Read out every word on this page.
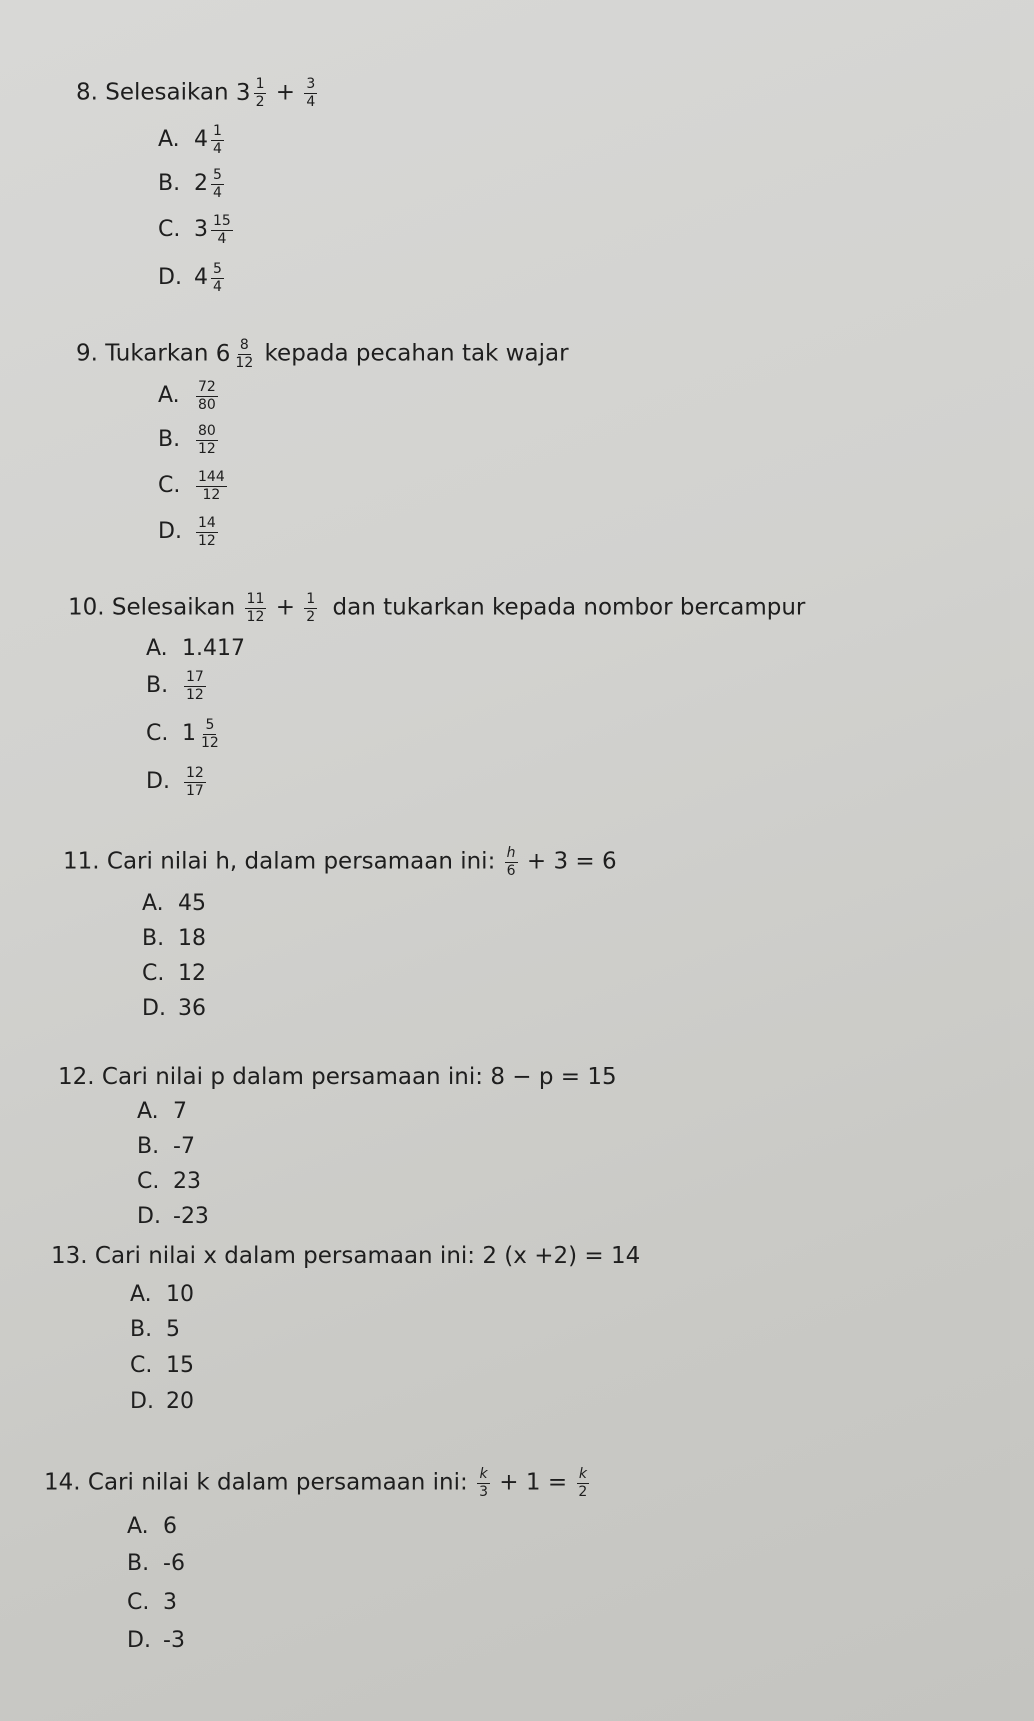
8. Selesaikan $3 \frac{1}{2} + \frac{3}{4}$
A. $4 \frac{1}{4}$
B. $2 \frac{5}{4}$
C. $3 \frac{15}{4}$
D. $4 \frac{5}{4}$
9. Tukarkan $6 \frac{8}{12}$ kepada pecahan tak wajar
A. $\frac{72}{80}$
B. $\frac{80}{12}$
C. $\frac{144}{12}$
D. $\frac{14}{12}$
10. Selesaikan $\frac{11}{12} + \frac{1}{2}$ dan tukarkan kepada nombor bercampur
A. 1.417
B. $\frac{17}{12}$
C. $1 \frac{5}{12}$
D. $\frac{12}{17}$
11. Cari nilai h, dalam persamaan ini: $\frac{h}{6} + 3 = 6$
A. 45
B. 18
C. 12
D. 36
12. Cari nilai p dalam persamaan ini: 8 − p = 15
A. 7
B. -7
C. 23
D. -23
13. Cari nilai x dalam persamaan ini: 2 (x +2) = 14
A. 10
B. 5
C. 15
D. 20
14. Cari nilai k dalam persamaan ini: $\frac{k}{3} + 1 = \frac{k}{2}$
A. 6
B. -6
C. 3
D. -3
